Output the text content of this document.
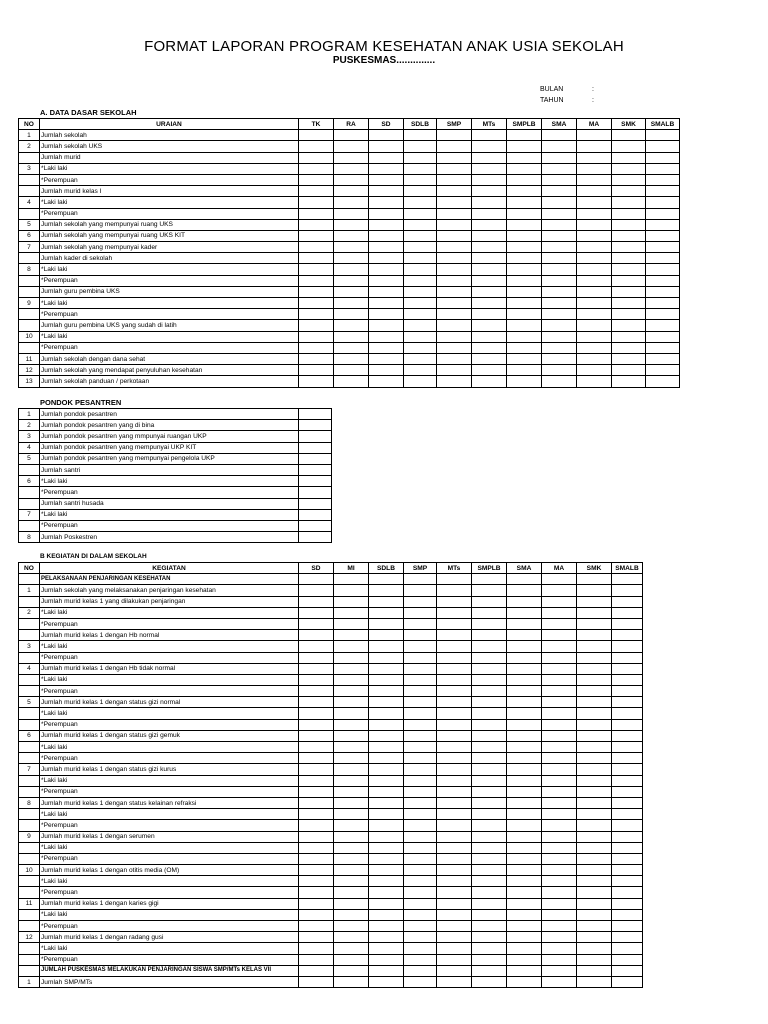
FORMAT LAPORAN PROGRAM KESEHATAN ANAK USIA SEKOLAH
PUSKESMAS..............
BULAN	:
TAHUN	:
A. DATA DASAR SEKOLAH
NO	URAIAN	TK	RA	SD	SDLB	SMP	MTs	SMPLB	SMA	MA	SMK	SMALB
1	Jumlah sekolah											
2	Jumlah sekolah UKS											
	Jumlah murid											
3	*Laki laki											
	*Perempuan											
	Jumlah murid kelas I											
4	*Laki laki											
	*Perempuan											
5	Jumlah sekolah yang mempunyai ruang UKS											
6	Jumlah sekolah yang mempunyai ruang UKS KIT											
7	Jumlah sekolah yang mempunyai kader											
	Jumlah kader di sekolah											
8	*Laki laki											
	*Perempuan											
	Jumlah guru pembina UKS											
9	*Laki laki											
	*Perempuan											
	Jumlah guru pembina UKS yang sudah di latih											
10	*Laki laki											
	*Perempuan											
11	Jumlah sekolah dengan dana sehat											
12	Jumlah sekolah yang mendapat penyuluhan kesehatan											
13	Jumlah sekolah panduan / perkotaan											
PONDOK PESANTREN
1	Jumlah pondok pesantren	
2	Jumlah pondok pesantren yang di bina	
3	Jumlah pondok pesantren yang mmpunyai ruangan UKP	
4	Jumlah pondok pesantren yang mempunyai UKP KIT	
5	Jumlah pondok pesantren yang mempunyai pengelola UKP	
	Jumlah santri	
6	*Laki laki	
	*Perempuan	
	Jumlah santri husada	
7	*Laki laki	
	*Perempuan	
8	Jumlah Poskestren	
B KEGIATAN DI DALAM SEKOLAH
NO	KEGIATAN	SD	MI	SDLB	SMP	MTs	SMPLB	SMA	MA	SMK	SMALB
	PELAKSANAAN PENJARINGAN KESEHATAN										
1	Jumlah sekolah yang melaksanakan penjaringan kesehatan										
	Jumlah murid kelas 1 yang dilakukan penjaringan										
2	*Laki laki										
	*Perempuan										
	Jumlah murid kelas 1 dengan Hb normal										
3	*Laki laki										
	*Perempuan										
4	Jumlah murid kelas 1 dengan Hb tidak normal										
	*Laki laki										
	*Perempuan										
5	Jumlah murid kelas 1 dengan status gizi normal										
	*Laki laki										
	*Perempuan										
6	Jumlah murid kelas 1 dengan status gizi gemuk										
	*Laki laki										
	*Perempuan										
7	Jumlah murid kelas 1 dengan status gizi kurus										
	*Laki laki										
	*Perempuan										
8	Jumlah murid kelas 1 dengan status kelainan refraksi										
	*Laki laki										
	*Perempuan										
9	Jumlah murid kelas 1 dengan serumen										
	*Laki laki										
	*Perempuan										
10	Jumlah murid kelas 1 dengan otitis media (OM)										
	*Laki laki										
	*Perempuan										
11	Jumlah murid kelas 1 dengan karies gigi										
	*Laki laki										
	*Perempuan										
12	Jumlah murid kelas 1 dengan radang gusi										
	*Laki laki										
	*Perempuan										
	JUMLAH PUSKESMAS MELAKUKAN PENJARINGAN SISWA SMP/MTs KELAS VII										
1	Jumlah SMP/MTs										
